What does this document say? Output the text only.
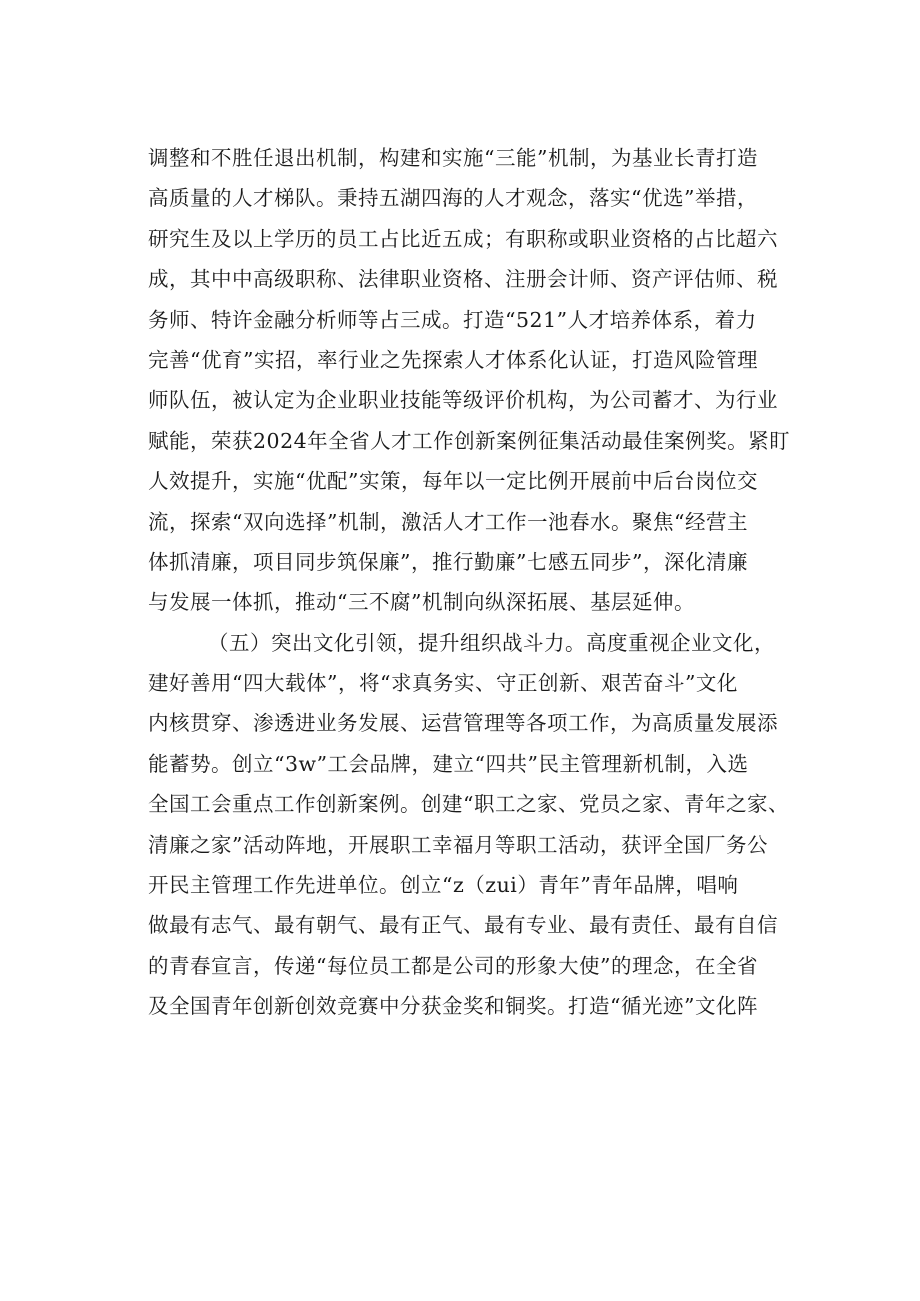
调整和不胜任退出机制，构建和实施“三能”机制，为基业长青打造
高质量的人才梯队。秉持五湖四海的人才观念，落实“优选”举措，
研究生及以上学历的员工占比近五成；有职称或职业资格的占比超六
成，其中中高级职称、法律职业资格、注册会计师、资产评估师、税
务师、特许金融分析师等占三成。打造“521”人才培养体系，着力
完善“优育”实招，率行业之先探索人才体系化认证，打造风险管理
师队伍，被认定为企业职业技能等级评价机构，为公司蓄才、为行业
赋能，荣获2024年全省人才工作创新案例征集活动最佳案例奖。紧盯
人效提升，实施“优配”实策，每年以一定比例开展前中后台岗位交
流，探索“双向选择”机制，激活人才工作一池春水。聚焦“经营主
体抓清廉，项目同步筑保廉”，推行勤廉”七感五同步”，深化清廉
与发展一体抓，推动“三不腐”机制向纵深拓展、基层延伸。
（五）突出文化引领，提升组织战斗力。高度重视企业文化，
建好善用“四大载体”，将“求真务实、守正创新、艰苦奋斗”文化
内核贯穿、渗透进业务发展、运营管理等各项工作，为高质量发展添
能蓄势。创立“3w”工会品牌，建立“四共”民主管理新机制，入选
全国工会重点工作创新案例。创建“职工之家、党员之家、青年之家、
清廉之家”活动阵地，开展职工幸福月等职工活动，获评全国厂务公
开民主管理工作先进单位。创立“z（zui）青年”青年品牌，唱响
做最有志气、最有朝气、最有正气、最有专业、最有责任、最有自信
的青春宣言，传递“每位员工都是公司的形象大使”的理念，在全省
及全国青年创新创效竞赛中分获金奖和铜奖。打造“循光迹”文化阵
